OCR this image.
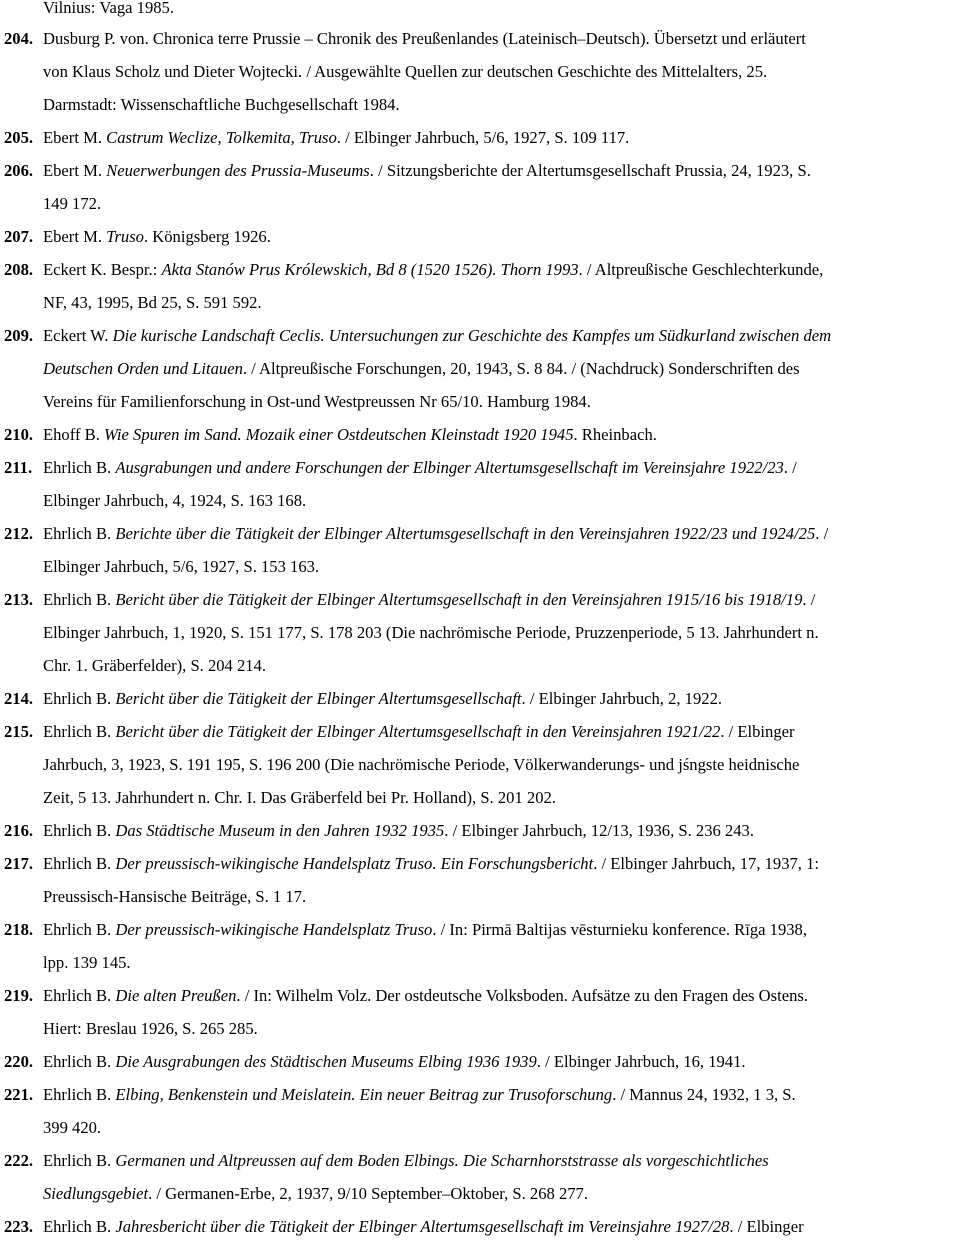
Vilnius: Vaga 1985.
204. Dusburg P. von. Chronica terre Prussie – Chronik des Preußenlandes (Lateinisch–Deutsch). Übersetzt und erläutert
von Klaus Scholz und Dieter Wojtecki. / Ausgewählte Quellen zur deutschen Geschichte des Mittelalters, 25.
Darmstadt: Wissenschaftliche Buchgesellschaft 1984.
205. Ebert M. Castrum Weclize, Tolkemita, Truso. / Elbinger Jahrbuch, 5/6, 1927, S. 109 117.
206. Ebert M. Neuerwerbungen des Prussia-Museums. / Sitzungsberichte der Altertumsgesellschaft Prussia, 24, 1923, S.
149 172.
207. Ebert M. Truso. Königsberg 1926.
208. Eckert K. Bespr.: Akta Stanów Prus Królewskich, Bd 8 (1520 1526). Thorn 1993. / Altpreußische Geschlechterkunde,
NF, 43, 1995, Bd 25, S. 591 592.
209. Eckert W. Die kurische Landschaft Ceclis. Untersuchungen zur Geschichte des Kampfes um Südkurland zwischen dem
Deutschen Orden und Litauen. / Altpreußische Forschungen, 20, 1943, S. 8 84. / (Nachdruck) Sonderschriften des
Vereins für Familienforschung in Ost-und Westpreussen Nr 65/10. Hamburg 1984.
210. Ehoff B. Wie Spuren im Sand. Mozaik einer Ostdeutschen Kleinstadt 1920 1945. Rheinbach.
211. Ehrlich B. Ausgrabungen und andere Forschungen der Elbinger Altertumsgesellschaft im Vereinsjahre 1922/23. /
Elbinger Jahrbuch, 4, 1924, S. 163 168.
212. Ehrlich B. Berichte über die Tätigkeit der Elbinger Altertumsgesellschaft in den Vereinsjahren 1922/23 und 1924/25. /
Elbinger Jahrbuch, 5/6, 1927, S. 153 163.
213. Ehrlich B. Bericht über die Tätigkeit der Elbinger Altertumsgesellschaft in den Vereinsjahren 1915/16 bis 1918/19. /
Elbinger Jahrbuch, 1, 1920, S. 151 177, S. 178 203 (Die nachrömische Periode, Pruzzenperiode, 5 13. Jahrhundert n.
Chr. 1. Gräberfelder), S. 204 214.
214. Ehrlich B. Bericht über die Tätigkeit der Elbinger Altertumsgesellschaft. / Elbinger Jahrbuch, 2, 1922.
215. Ehrlich B. Bericht über die Tätigkeit der Elbinger Altertumsgesellschaft in den Vereinsjahren 1921/22. / Elbinger
Jahrbuch, 3, 1923, S. 191 195, S. 196 200 (Die nachrömische Periode, Völkerwanderungs- und jśngste heidnische
Zeit, 5 13. Jahrhundert n. Chr. I. Das Gräberfeld bei Pr. Holland), S. 201 202.
216. Ehrlich B. Das Städtische Museum in den Jahren 1932 1935. / Elbinger Jahrbuch, 12/13, 1936, S. 236 243.
217. Ehrlich B. Der preussisch-wikingische Handelsplatz Truso. Ein Forschungsbericht. / Elbinger Jahrbuch, 17, 1937, 1:
Preussisch-Hansische Beiträge, S. 1 17.
218. Ehrlich B. Der preussisch-wikingische Handelsplatz Truso. / In: Pirmā Baltijas vēsturnieku konference. Rīga 1938,
lpp. 139 145.
219. Ehrlich B. Die alten Preußen. / In: Wilhelm Volz. Der ostdeutsche Volksboden. Aufsätze zu den Fragen des Ostens.
Hiert: Breslau 1926, S. 265 285.
220. Ehrlich B. Die Ausgrabungen des Städtischen Museums Elbing 1936 1939. / Elbinger Jahrbuch, 16, 1941.
221. Ehrlich B. Elbing, Benkenstein und Meislatein. Ein neuer Beitrag zur Trusoforschung. / Mannus 24, 1932, 1 3, S.
399 420.
222. Ehrlich B. Germanen und Altpreussen auf dem Boden Elbings. Die Scharnhorststrasse als vorgeschichtliches
Siedlungsgebiet. / Germanen-Erbe, 2, 1937, 9/10 September–Oktober, S. 268 277.
223. Ehrlich B. Jahresbericht über die Tätigkeit der Elbinger Altertumsgesellschaft im Vereinsjahre 1927/28. / Elbinger
